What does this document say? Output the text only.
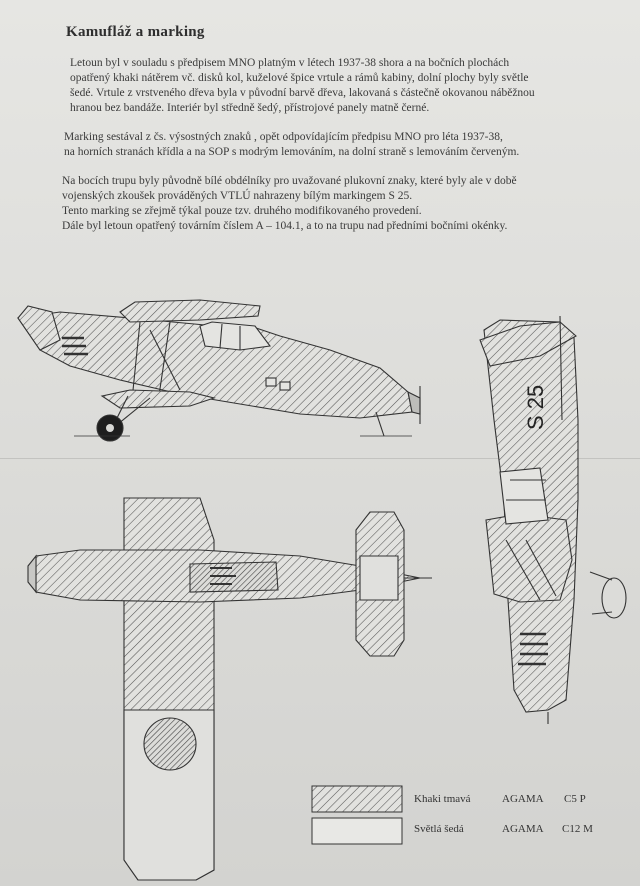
Kamufláž a marking
Letoun byl v souladu s předpisem MNO platným v létech 1937-38 shora a na bočních plochách
opatřený khaki nátěrem vč. disků kol, kuželové špice vrtule a rámů kabiny, dolní plochy byly světle
šedé. Vrtule z vrstveného dřeva byla v původní barvě dřeva, lakovaná s částečně okovanou náběžnou
hranou bez bandáže. Interiér byl středně šedý, přístrojové panely matně černé.
Marking sestával z čs. výsostných znaků , opět odpovídajícím předpisu MNO pro léta 1937-38,
na horních stranách křídla a na SOP s modrým lemováním, na dolní straně s lemováním červeným.
Na bocích trupu byly původně bílé obdélníky pro uvažované plukovní znaky, které byly ale v době
vojenských zkoušek prováděných VTLÚ nahrazeny bílým markingem S 25.
Tento marking se zřejmě týkal pouze tzv. druhého modifikovaného provedení.
Dále byl letoun opatřený továrním číslem A – 104.1, a to na trupu nad předními bočními okénky.
S 25
Khaki tmavá	AGAMA C5 P
Světlá šedá	AGAMA C12 M
